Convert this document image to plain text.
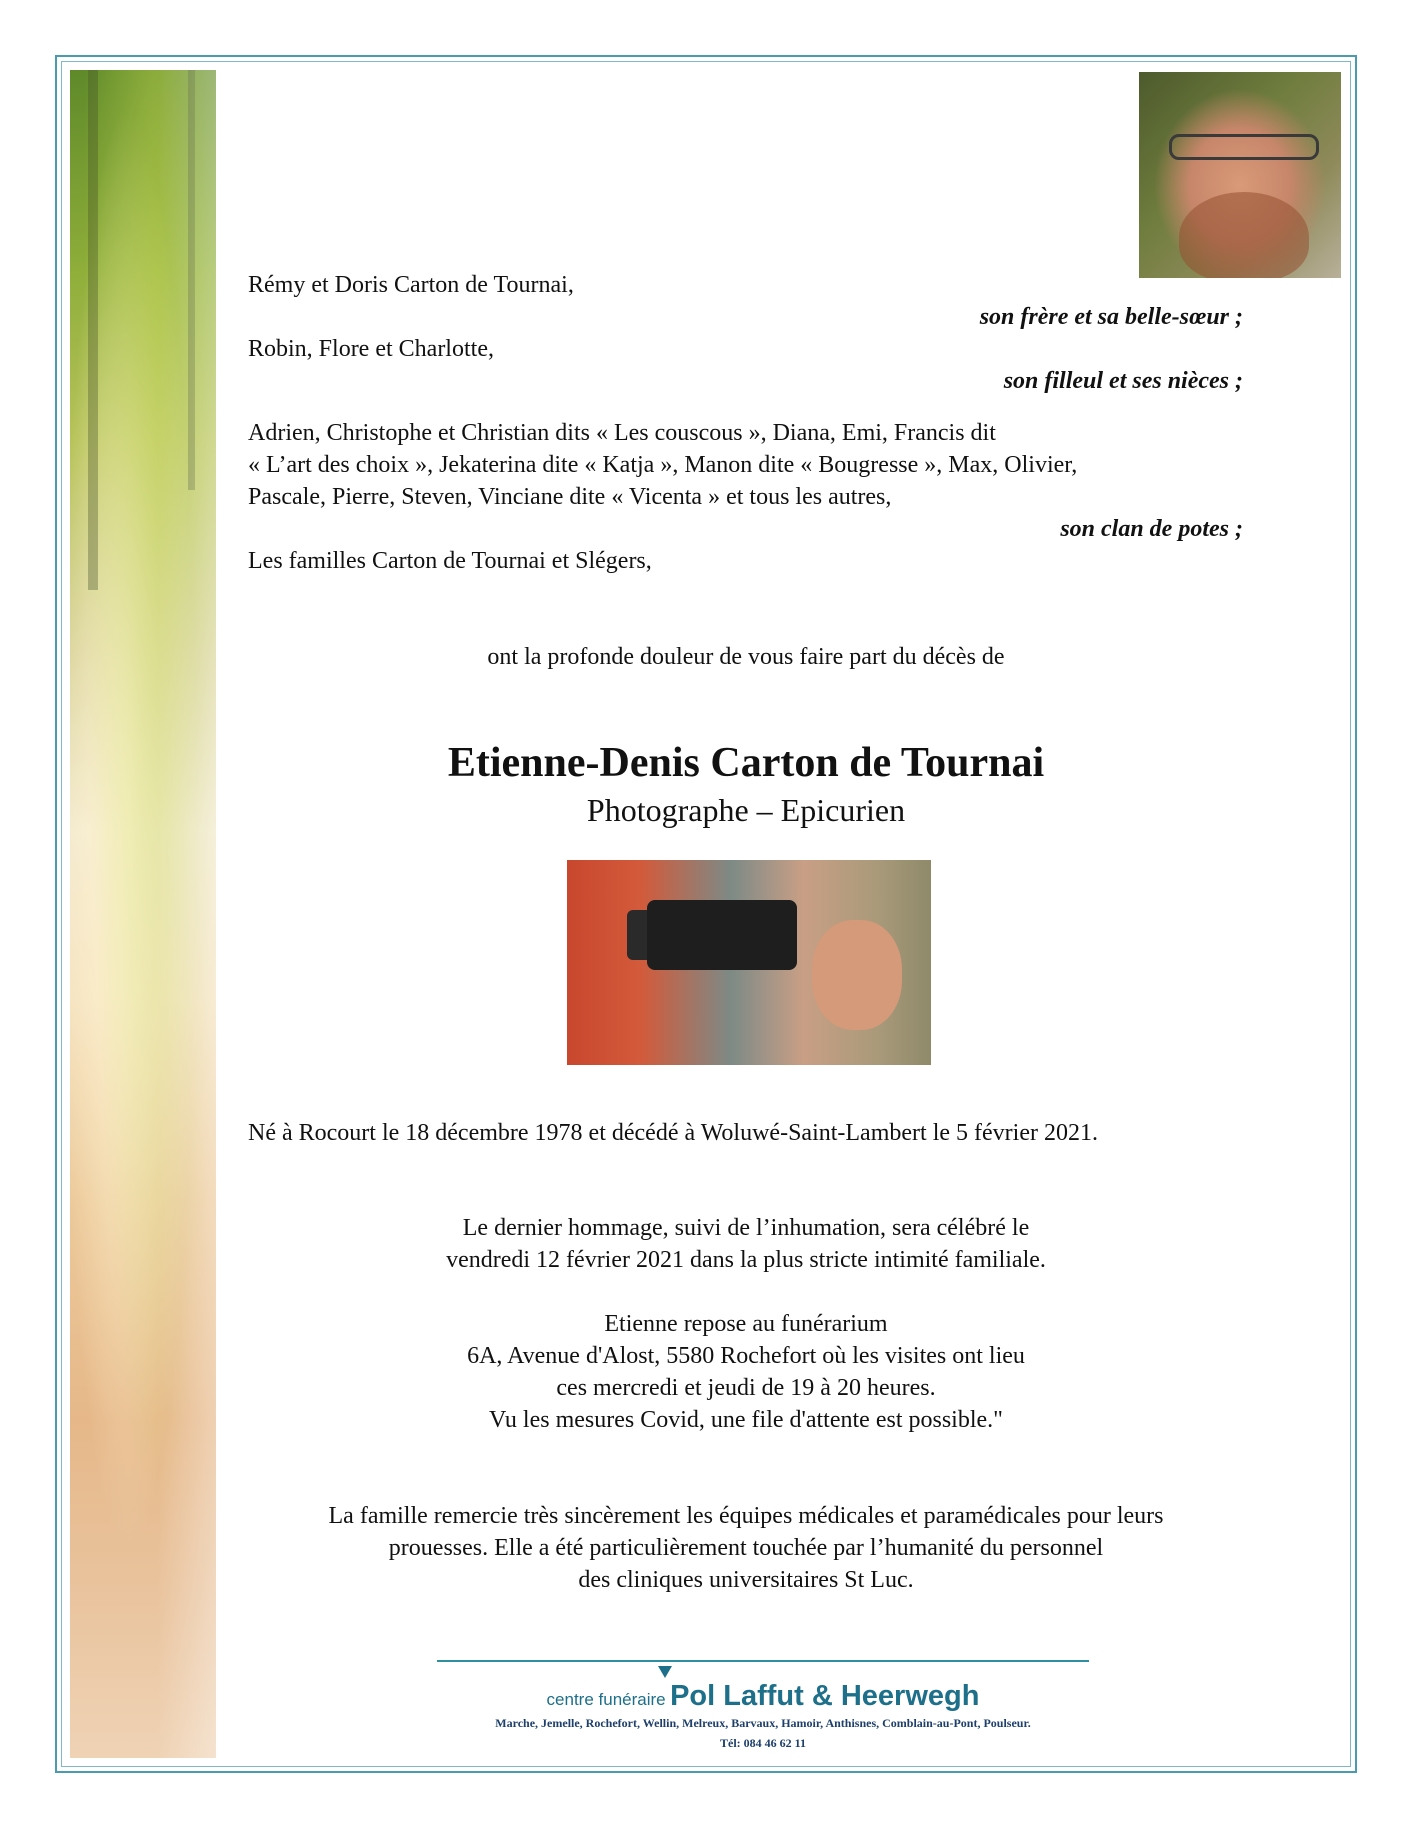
Rémy et Doris Carton de Tournai,
son frère et sa belle-sœur ;
Robin, Flore et Charlotte,
son filleul et ses nièces ;
Adrien, Christophe et Christian dits « Les couscous », Diana, Emi, Francis dit
« L’art des choix », Jekaterina dite « Katja », Manon dite « Bougresse », Max, Olivier,
Pascale, Pierre, Steven, Vinciane dite « Vicenta » et tous les autres,
son clan de potes ;
Les familles Carton de Tournai et Slégers,
ont la profonde douleur de vous faire part du décès de
Etienne-Denis Carton de Tournai
Photographe – Epicurien
Né à Rocourt le 18 décembre 1978 et décédé à Woluwé-Saint-Lambert le 5 février 2021.
Le dernier hommage, suivi de l’inhumation, sera célébré le
vendredi 12 février 2021 dans la plus stricte intimité familiale.
Etienne repose au funérarium
6A, Avenue d'Alost, 5580 Rochefort où les visites ont lieu
ces mercredi et jeudi de 19 à 20 heures.
Vu les mesures Covid, une file d'attente est possible."
La famille remercie très sincèrement les équipes médicales et paramédicales pour leurs
prouesses. Elle a été particulièrement touchée par l’humanité du personnel
des cliniques universitaires St Luc.
centre funéraire Pol Laffut & Heerwegh
Marche, Jemelle, Rochefort, Wellin, Melreux, Barvaux, Hamoir, Anthisnes, Comblain-au-Pont, Poulseur.
Tél: 084 46 62 11
